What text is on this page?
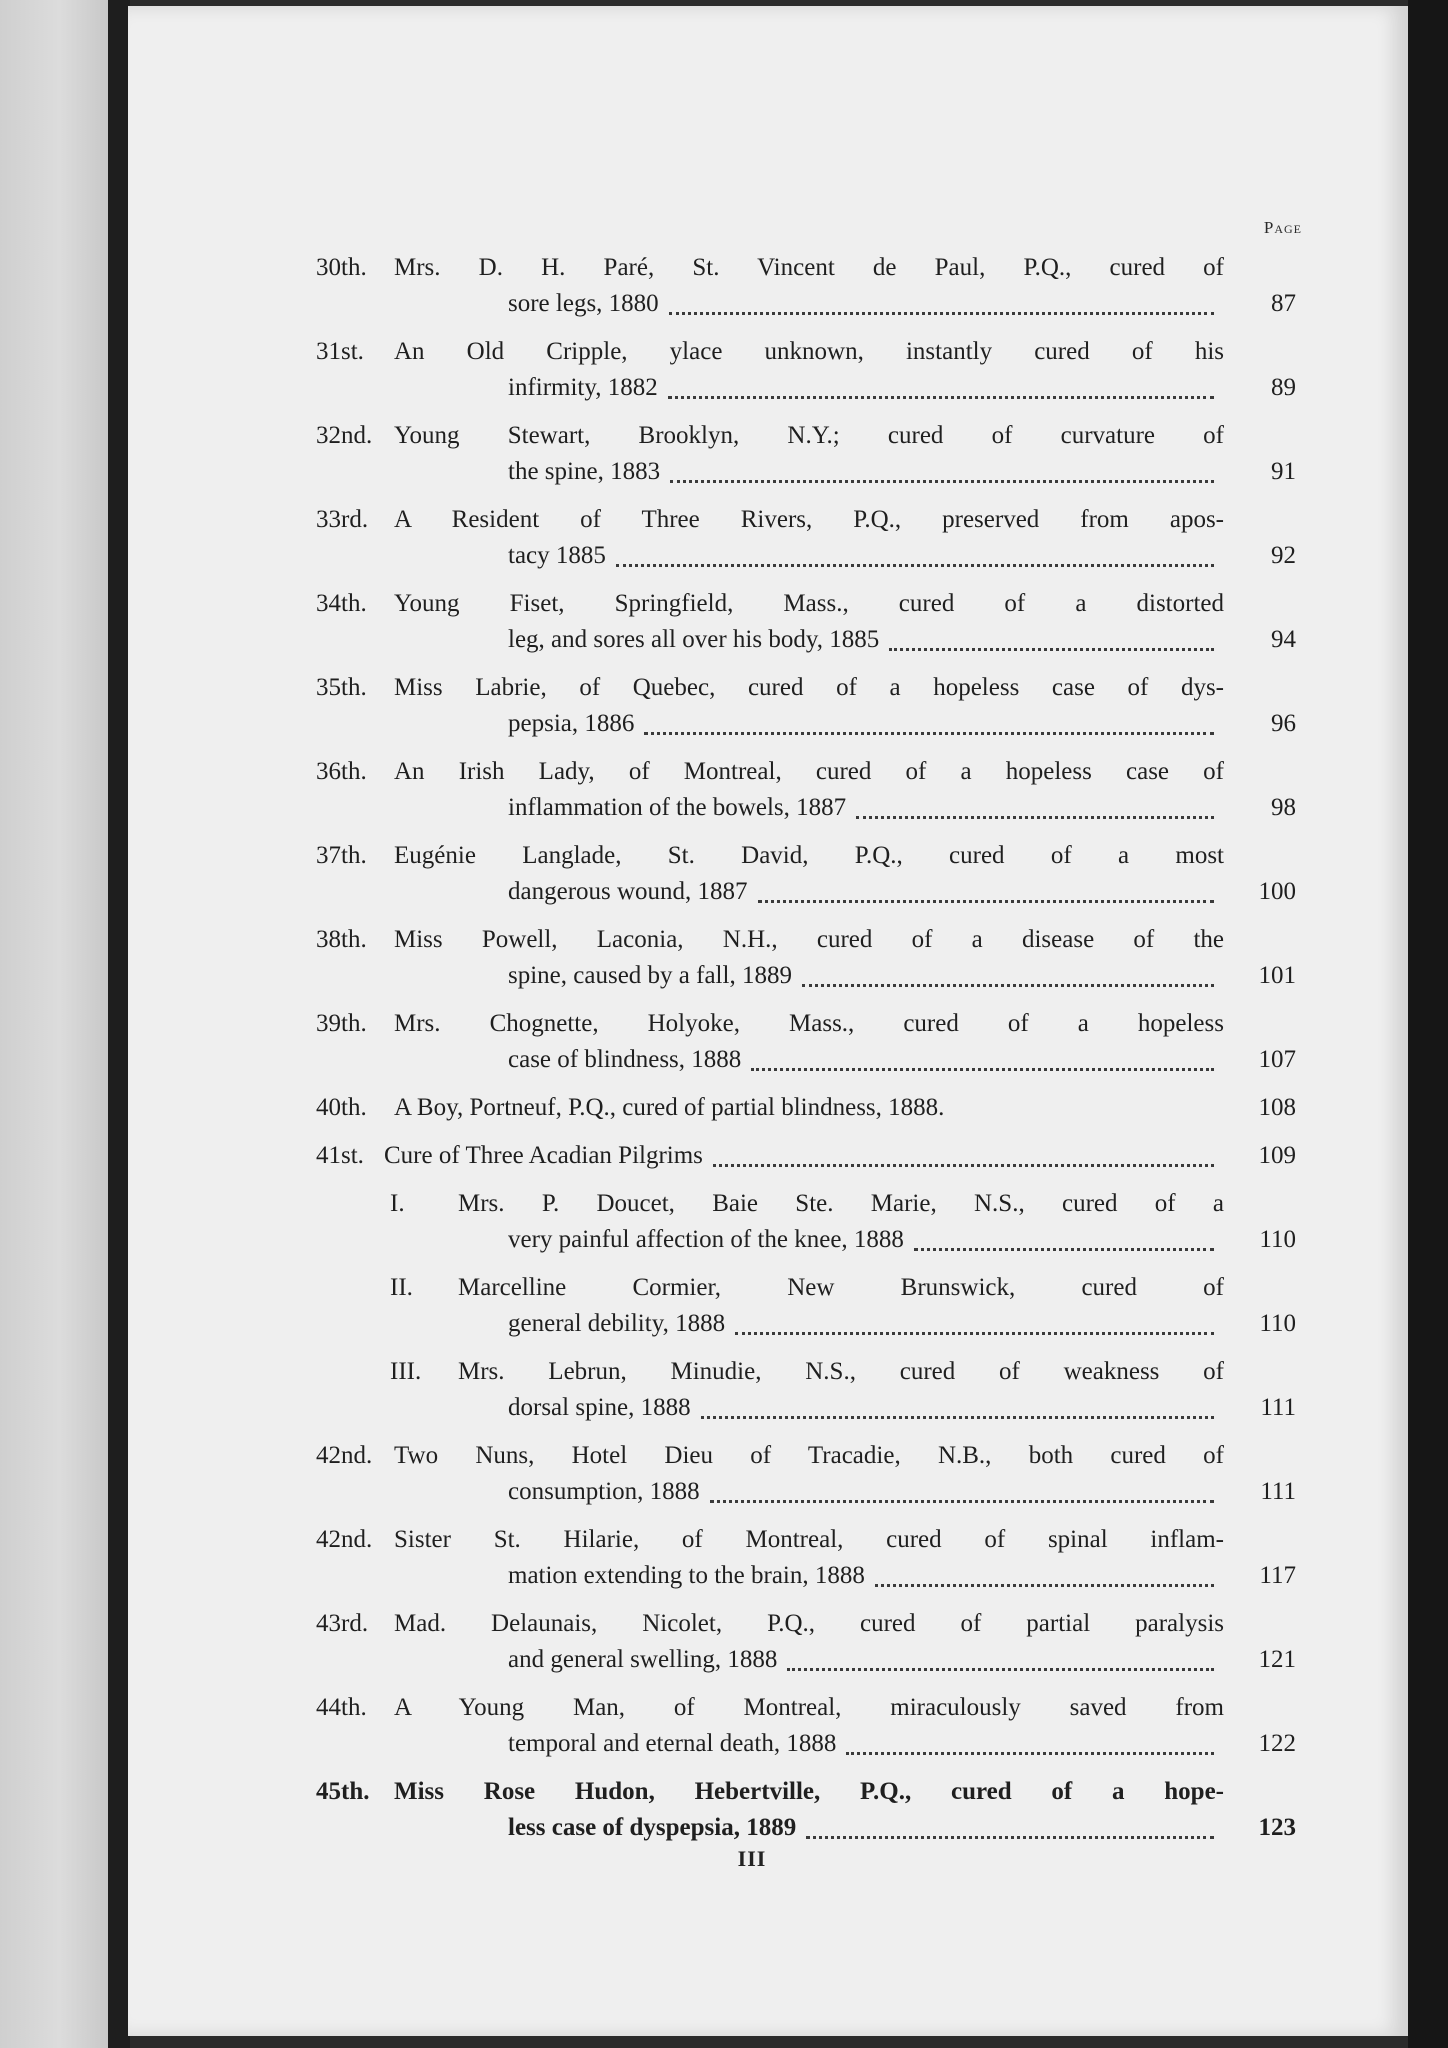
Page
30th.	Mrs. D. H. Paré, St. Vincent de Paul, P.Q., cured of
sore legs, 1880	87
31st.	An Old Cripple, ylace unknown, instantly cured of his
infirmity, 1882	89
32nd. Young Stewart, Brooklyn, N.Y.; cured of curvature of
the spine, 1883	91
33rd.	A Resident of Three Rivers, P.Q., preserved from apos-
tacy 1885	92
34th.	Young Fiset, Springfield, Mass., cured of a distorted
leg, and sores all over his body, 1885	94
35th.	Miss Labrie, of Quebec, cured of a hopeless case of dys-
pepsia, 1886	96
36th.	An Irish Lady, of Montreal, cured of a hopeless case of
inflammation of the bowels, 1887	98
37th.	Eugénie Langlade, St. David, P.Q., cured of a most
dangerous wound, 1887	100
38th.	Miss Powell, Laconia, N.H., cured of a disease of the
spine, caused by a fall, 1889	101
39th.	Mrs. Chognette, Holyoke, Mass., cured of a hopeless
case of blindness, 1888	107
40th.	A Boy, Portneuf, P.Q., cured of partial blindness, 1888.	108
41st. Cure of Three Acadian Pilgrims	109
I.	Mrs. P. Doucet, Baie Ste. Marie, N.S., cured of a
very painful affection of the knee, 1888	110
II.	Marcelline Cormier, New Brunswick, cured of
general debility, 1888	110
III.	Mrs. Lebrun, Minudie, N.S., cured of weakness of
dorsal spine, 1888	111
42nd. Two Nuns, Hotel Dieu of Tracadie, N.B., both cured of
consumption, 1888	111
42nd. Sister St. Hilarie, of Montreal, cured of spinal inflam-
mation extending to the brain, 1888	117
43rd.	Mad. Delaunais, Nicolet, P.Q., cured of partial paralysis
and general swelling, 1888	121
44th.	A Young Man, of Montreal, miraculously saved from
temporal and eternal death, 1888	122
45th. Miss Rose Hudon, Hebertville, P.Q., cured of a hope-
less case of dyspepsia, 1889	123
III
